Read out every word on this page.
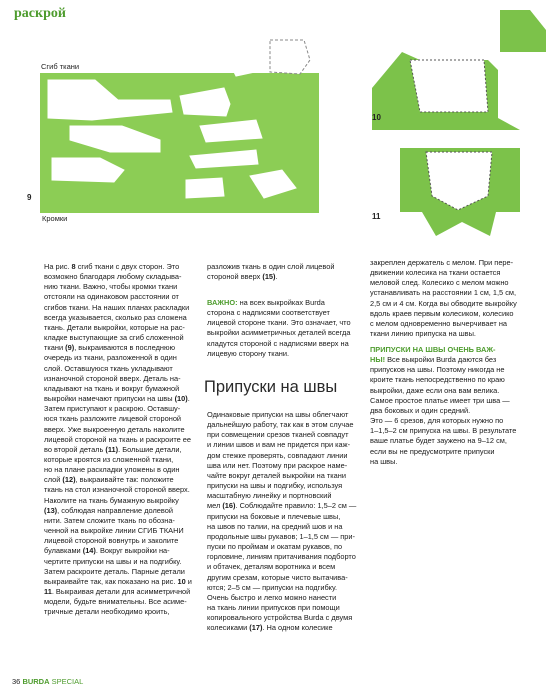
раскрой
Сгиб ткани
Кромки
9
10
11

На рис. 8 сгиб ткани с двух сторон. Это

возможно благодаря любому складыва-

нию ткани. Важно, чтобы кромки ткани

отстояли на одинаковом расстоянии от

сгибов ткани. На наших планах раскладки

всегда указывается, сколько раз сложена

ткань. Детали выкройки, которые на рас-

кладке выступающие за сгиб сложенной

ткани (9), выкраиваются в последнюю

очередь из ткани, разложенной в один

слой. Оставшуюся ткань укладывают

изнаночной стороной вверх. Деталь на-

кладывают на ткань и вокруг бумажной

выкройки намечают припуски на швы (10).

Затем приступают к раскрою. Оставшу-

юся ткань разложите лицевой стороной

вверх. Уже выкроенную деталь наколите

лицевой стороной на ткань и раскроите ее

во второй деталь (11). Большие детали,

которые кроятся из сложенной ткани,

но на плане раскладки уложены в один

слой (12), выкраивайте так: положите

ткань на стол изнаночной стороной вверх.

Наколите на ткань бумажную выкройку

(13), соблюдая направление долевой

нити. Затем сложите ткань по обозна-

ченной на выкройке линии СГИБ ТКАНИ

лицевой стороной вовнутрь и заколите

булавками (14). Вокруг выкройки на-

чертите припуски на швы и на подгибку.

Затем раскроите деталь. Парные детали

выкраивайте так, как показано на рис. 10 и

11. Выкраивая детали для асимметричной

модели, будьте внимательны. Все асиме-

тричные детали необходимо кроить,

разложив ткань в один слой лицевой

стороной вверх (15).

ВАЖНО: на всех выкройках Burda

сторона с надписями соответствует

лицевой стороне ткани. Это означает, что

выкройки асимметричных деталей всегда

кладутся стороной с надписями вверх на

лицевую сторону ткани.

Припуски на швы

Одинаковые припуски на швы облегчают

дальнейшую работу, так как в этом случае

при совмещении срезов тканей совпадут

и линии швов и вам не придется при каж-

дом стежке проверять, совпадают линии

шва или нет. Поэтому при раскрое наме-

чайте вокруг деталей выкройки на ткани

припуски на швы и подгибку, используя

масштабную линейку и портновский

мел (16). Соблюдайте правило: 1,5–2 см —

припуски на боковые и плечевые швы,

на швов по талии, на средний шов и на

продольные швы рукавов; 1–1,5 см — при-

пуски по проймам и окатам рукавов, по

горловине, линиям притачивания подборто

и обтачек, деталям воротника и всем

другим срезам, которые чисто вытачива-

ются; 2–5 см — припуски на подгибку.

Очень быстро и легко можно нанести

на ткань линии припусков при помощи

копировального устройства Burda с двумя

колесиками (17). На одном колесике

закреплен держатель с мелом. При пере-

движении колесика на ткани остается

меловой след. Колесико с мелом можно

устанавливать на расстоянии 1 см, 1,5 см,

2,5 см и 4 см. Когда вы обводите выкройку

вдоль краев первым колесиком, колесико

с мелом одновременно вычерчивает на

ткани линию припуска на швы.

ПРИПУСКИ НА ШВЫ ОЧЕНЬ ВАЖ-

НЫ! Все выкройки Burda даются без

припусков на швы. Поэтому никогда не

кроите ткань непосредственно по краю

выкройки, даже если она вам велика.

Самое простое платье имеет три шва —

два боковых и один средний.

Это — 6 срезов, для которых нужно по

1–1,5–2 см припуска на швы. В результате

ваше платье будет заужено на 9–12 см,

если вы не предусмотрите припуски

на швы.

36 BURDA SPECIAL
